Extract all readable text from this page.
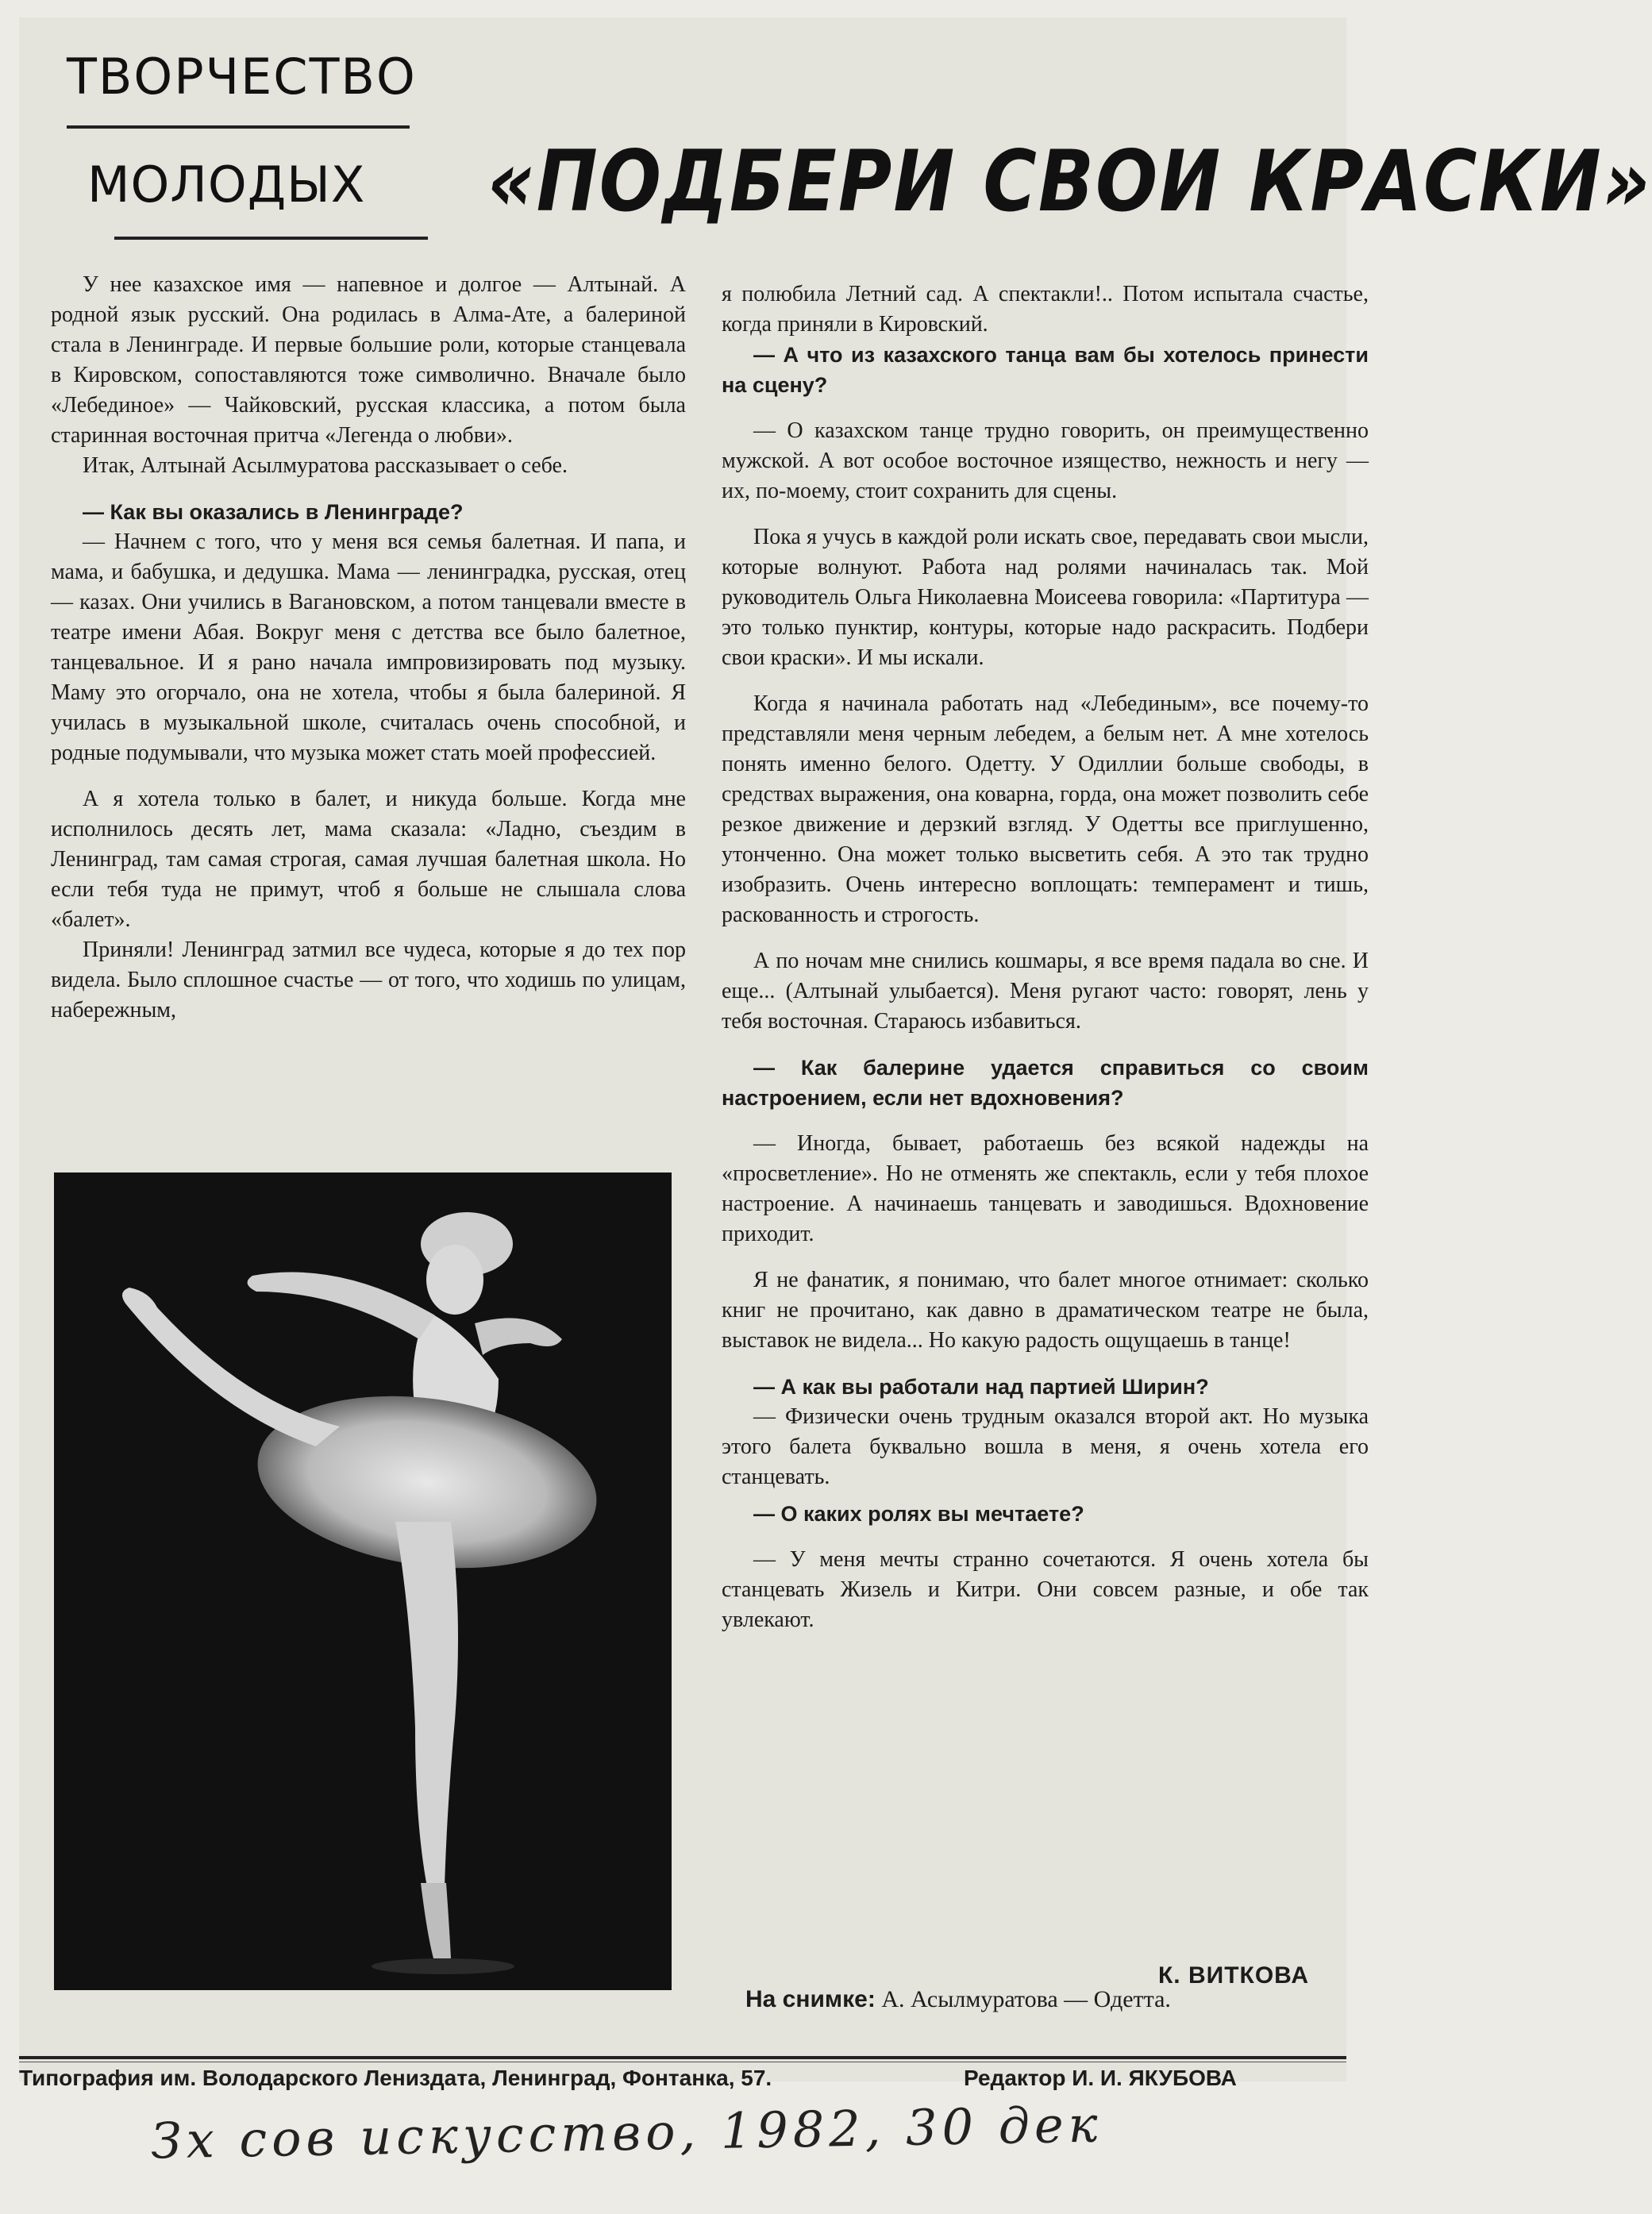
ТВОРЧЕСТВО
МОЛОДЫХ «ПОДБЕРИ СВОИ КРАСКИ»

У нее казахское имя — напевное и долгое — Алтынай. А родной язык русский. Она родилась в Алма-Ате, а балериной стала в Ленинграде. И первые большие роли, которые станцевала в Кировском, сопоставляются тоже символично. Вначале было «Лебединое» — Чайковский, русская классика, а потом была старинная восточная притча «Легенда о любви».

Итак, Алтынай Асылмуратова рассказывает о себе.

— Как вы оказались в Ленинграде?

— Начнем с того, что у меня вся семья балетная. И папа, и мама, и бабушка, и дедушка. Мама — ленинградка, русская, отец — казах. Они учились в Вагановском, а потом танцевали вместе в театре имени Абая. Вокруг меня с детства все было балетное, танцевальное. И я рано начала импровизировать под музыку. Маму это огорчало, она не хотела, чтобы я была балериной. Я училась в музыкальной школе, считалась очень способной, и родные подумывали, что музыка может стать моей профессией.

А я хотела только в балет, и никуда больше. Когда мне исполнилось десять лет, мама сказала: «Ладно, съездим в Ленинград, там самая строгая, самая лучшая балетная школа. Но если тебя туда не примут, чтоб я больше не слышала слова «балет».

Приняли! Ленинград затмил все чудеса, которые я до тех пор видела. Было сплошное счастье — от того, что ходишь по улицам, набережным,

я полюбила Летний сад. А спектакли!.. Потом испытала счастье, когда приняли в Кировский.

— А что из казахского танца вам бы хотелось принести на сцену?

— О казахском танце трудно говорить, он преимущественно мужской. А вот особое восточное изящество, нежность и негу — их, по-моему, стоит сохранить для сцены.

Пока я учусь в каждой роли искать свое, передавать свои мысли, которые волнуют. Работа над ролями начиналась так. Мой руководитель Ольга Николаевна Моисеева говорила: «Партитура — это только пунктир, контуры, которые надо раскрасить. Подбери свои краски». И мы искали.

Когда я начинала работать над «Лебединым», все почему-то представляли меня черным лебедем, а белым нет. А мне хотелось понять именно белого. Одетту. У Одиллии больше свободы, в средствах выражения, она коварна, горда, она может позволить себе резкое движение и дерзкий взгляд. У Одетты все приглушенно, утонченно. Она может только высветить себя. А это так трудно изобразить. Очень интересно воплощать: темперамент и тишь, раскованность и строгость.

А по ночам мне снились кошмары, я все время падала во сне. И еще... (Алтынай улыбается). Меня ругают часто: говорят, лень у тебя восточная. Стараюсь избавиться.

— Как балерине удается справиться со своим настроением, если нет вдохновения?

— Иногда, бывает, работаешь без всякой надежды на «просветление». Но не отменять же спектакль, если у тебя плохое настроение. А начинаешь танцевать и заводишься. Вдохновение приходит.

Я не фанатик, я понимаю, что балет многое отнимает: сколько книг не прочитано, как давно в драматическом театре не была, выставок не видела... Но какую радость ощущаешь в танце!

— А как вы работали над партией Ширин?

— Физически очень трудным оказался второй акт. Но музыка этого балета буквально вошла в меня, я очень хотела его станцевать.

— О каких ролях вы мечтаете?

— У меня мечты странно сочетаются. Я очень хотела бы станцевать Жизель и Китри. Они совсем разные, и обе так увлекают.

К. ВИТКОВА
На снимке: А. Асылмуратова — Одетта.
Типография им. Володарского Лениздата, Ленинград, Фонтанка, 57.	Редактор И. И. ЯКУБОВА
Зх сов искусство, 1982, 30 дек
